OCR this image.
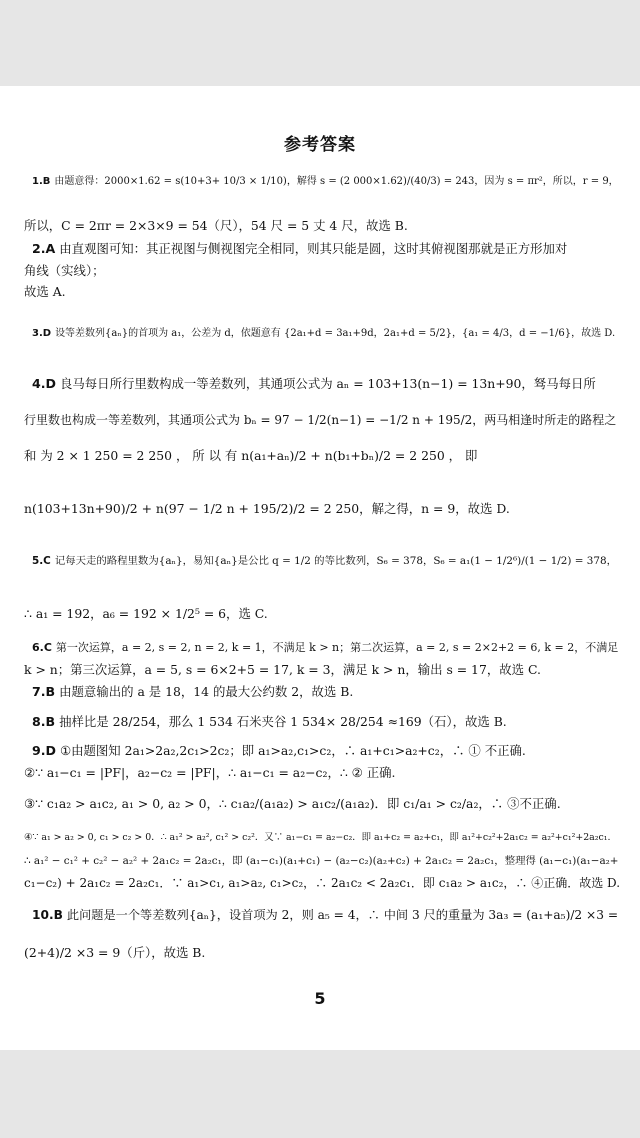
参考答案
1.B 由题意得：2000×1.62 = s(10+3+ 10/3 × 1/10)，解得 s = (2 000×1.62)/(40/3) = 243，因为 s = πr²，所以，r = 9，
所以，C = 2πr = 2×3×9 = 54（尺），54 尺 = 5 丈 4 尺，故选 B.
2.A 由直观图可知：其正视图与侧视图完全相同，则其只能是圆，这时其俯视图那就是正方形加对
角线（实线）；
故选 A.
3.D 设等差数列{aₙ}的首项为 a₁，公差为 d，依题意有 {2a₁+d = 3a₁+9d，2a₁+d = 5/2}，{a₁ = 4/3，d = −1/6}，故选 D.
4.D 良马每日所行里数构成一等差数列，其通项公式为 aₙ = 103+13(n−1) = 13n+90，驽马每日所
行里数也构成一等差数列，其通项公式为 bₙ = 97 − 1/2(n−1) = −1/2 n + 195/2，两马相逢时所走的路程之
和 为 2 × 1 250 = 2 250 ， 所 以 有 n(a₁+aₙ)/2 + n(b₁+bₙ)/2 = 2 250 ， 即
n(103+13n+90)/2 + n(97 − 1/2 n + 195/2)/2 = 2 250，解之得，n = 9，故选 D.
5.C 记每天走的路程里数为{aₙ}，易知{aₙ}是公比 q = 1/2 的等比数列，S₆ = 378，S₆ = a₁(1 − 1/2⁶)/(1 − 1/2) = 378，
∴ a₁ = 192，a₆ = 192 × 1/2⁵ = 6，选 C.
6.C 第一次运算，a = 2, s = 2, n = 2, k = 1，不满足 k > n；第二次运算，a = 2, s = 2×2+2 = 6, k = 2，不满足
k > n；第三次运算，a = 5, s = 6×2+5 = 17, k = 3，满足 k > n，输出 s = 17，故选 C.
7.B 由题意输出的 a 是 18，14 的最大公约数 2，故选 B.
8.B 抽样比是 28/254，那么 1 534 石米夹谷 1 534× 28/254 ≈169（石），故选 B.
9.D ①由题图知 2a₁>2a₂,2c₁>2c₂；即 a₁>a₂,c₁>c₂，∴ a₁+c₁>a₂+c₂，∴ ① 不正确.
②∵ a₁−c₁ = |PF|，a₂−c₂ = |PF|，∴ a₁−c₁ = a₂−c₂，∴ ② 正确.
③∵ c₁a₂ > a₁c₂, a₁ > 0, a₂ > 0，∴ c₁a₂/(a₁a₂) > a₁c₂/(a₁a₂)．即 c₁/a₁ > c₂/a₂，∴ ③不正确.
④∵ a₁ > a₂ > 0, c₁ > c₂ > 0．∴ a₁² > a₂², c₁² > c₂²．又∵ a₁−c₁ = a₂−c₂．即 a₁+c₂ = a₂+c₁，即 a₁²+c₂²+2a₁c₂ = a₂²+c₁²+2a₂c₁.
∴ a₁² − c₁² + c₂² − a₂² + 2a₁c₂ = 2a₂c₁，即 (a₁−c₁)(a₁+c₁) − (a₂−c₂)(a₂+c₂) + 2a₁c₂ = 2a₂c₁，整理得 (a₁−c₁)(a₁−a₂+
c₁−c₂) + 2a₁c₂ = 2a₂c₁．∵ a₁>c₁, a₁>a₂, c₁>c₂，∴ 2a₁c₂ < 2a₂c₁．即 c₁a₂ > a₁c₂，∴ ④正确．故选 D.
10.B 此问题是一个等差数列{aₙ}，设首项为 2，则 a₅ = 4，∴ 中间 3 尺的重量为 3a₃ = (a₁+a₅)/2 ×3 =
(2+4)/2 ×3 = 9（斤），故选 B.
5
